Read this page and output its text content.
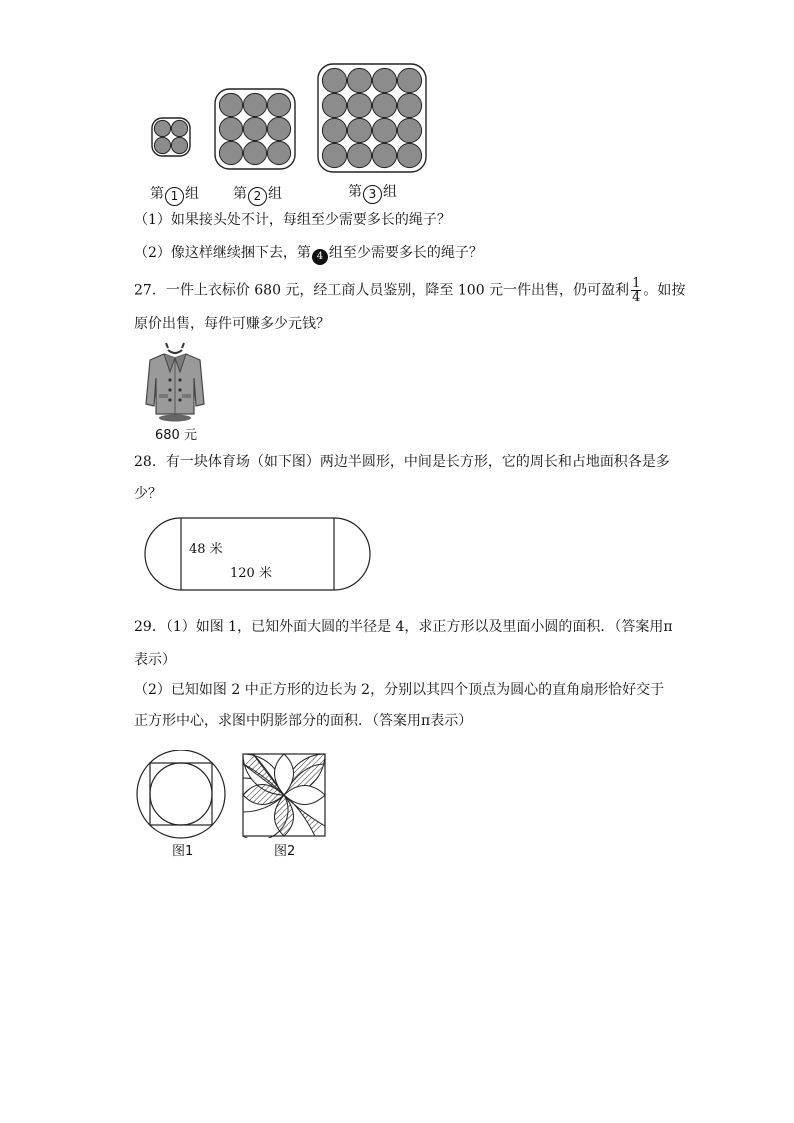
第 1 组 第 2 组	第 3 组
（1）如果接头处不计，每组至少需要多长的绳子？
（2）像这样继续捆下去，第 4 组至少需要多长的绳子？
27．一件上衣标价 680 元，经工商人员鉴别，降至 100 元一件出售，仍可盈利 $\frac{1}{4}$ 。如按
原价出售，每件可赚多少元钱？
680 元
28．有一块体育场（如下图）两边半圆形，中间是长方形，它的周长和占地面积各是多
少？
48 米
120 米
29．（1）如图 1，已知外面大圆的半径是 4，求正方形以及里面小圆的面积．（答案用π
表示）
（2）已知如图 2 中正方形的边长为 2，分别以其四个顶点为圆心的直角扇形恰好交于
正方形中心，求图中阴影部分的面积．（答案用π表示）
图1	图2
